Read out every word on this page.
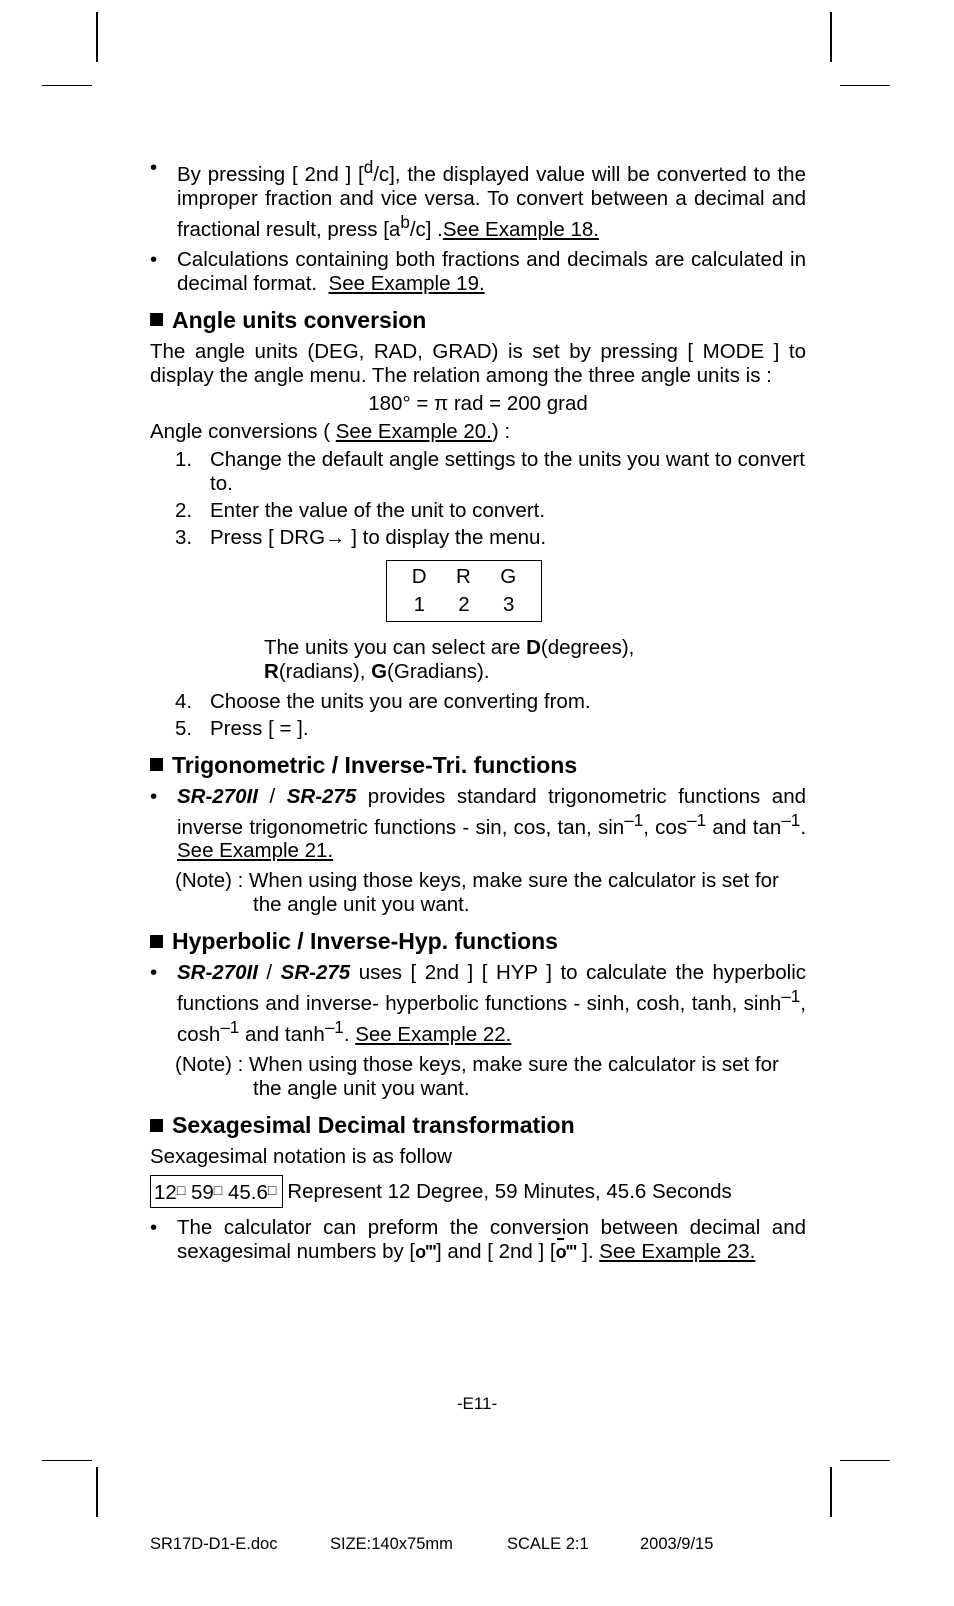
• By pressing [ 2nd ] [$^d$/c], the displayed value will be converted to the improper fraction and vice versa. To convert between a decimal and fractional result, press $[a^b/c]$ .See Example 18.
• Calculations containing both fractions and decimals are calculated in decimal format. See Example 19.
Angle units conversion
The angle units (DEG, RAD, GRAD) is set by pressing [ MODE ] to display the angle menu. The relation among the three angle units is :
180° = π rad = 200 grad
Angle conversions ( See Example 20.) :
1. Change the default angle settings to the units you want to convert to.
2. Enter the value of the unit to convert.
3. Press [ DRG→ ] to display the menu.
D R G
1 2 3
The units you can select are D(degrees),
R(radians), G(Gradians).
4. Choose the units you are converting from.
5. Press [ = ].
Trigonometric / Inverse-Tri. functions
• SR-270II / SR-275 provides standard trigonometric functions and inverse trigonometric functions - sin, cos, tan, $\sin^{-1}$, $\cos^{-1}$ and $\tan^{-1}$. See Example 21.
(Note) : When using those keys, make sure the calculator is set for
the angle unit you want.
Hyperbolic / Inverse-Hyp. functions
• SR-270II / SR-275 uses [ 2nd ] [ HYP ] to calculate the hyperbolic functions and inverse- hyperbolic functions - sinh, cosh, tanh, $\sinh^{-1}$, $\cosh^{-1}$ and $\tanh^{-1}$. See Example 22.
(Note) : When using those keys, make sure the calculator is set for
the angle unit you want.
Sexagesimal Decimal transformation
Sexagesimal notation is as follow
12□ 59□ 45.6□ Represent 12 Degree, 59 Minutes, 45.6 Seconds
• The calculator can preform the conversion between decimal and sexagesimal numbers by [o'"] and [ 2nd ] [o'" ]. See Example 23.
-E11-
SR17D-D1-E.doc	SIZE:140x75mm	SCALE 2:1	2003/9/15
